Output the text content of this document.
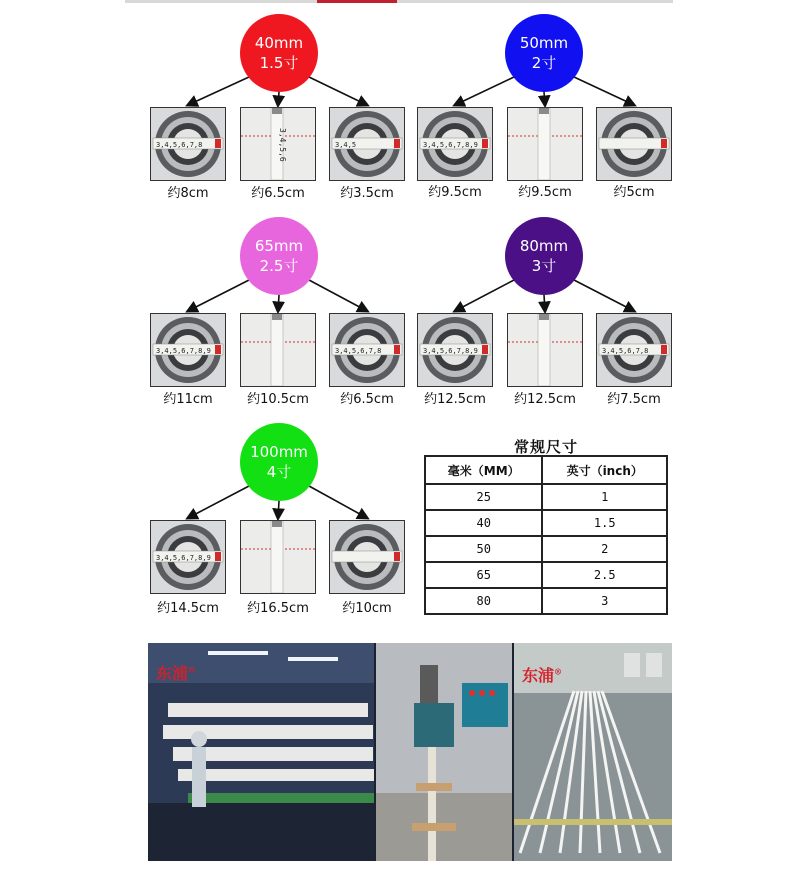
40mm
1.5寸
3,4,5,6,7,8	3,4,5,6	3,4,5
约8cm	约6.5cm	约3.5cm
50mm
2寸
3,4,5,6,7,8,9
约9.5cm	约9.5cm	约5cm
65mm
2.5寸
3,4,5,6,7,8,9	3,4,5,6,7,8
约11cm	约10.5cm	约6.5cm
80mm
3寸
3,4,5,6,7,8,9	3,4,5,6,7,8
约12.5cm	约12.5cm	约7.5cm
100mm
4寸
3,4,5,6,7,8,9
约14.5cm	约16.5cm	约10cm
常规尺寸
毫米（MM）	英寸（inch）
25	1
40	1.5
50	2
65	2.5
80	3
东浦®	东浦®
